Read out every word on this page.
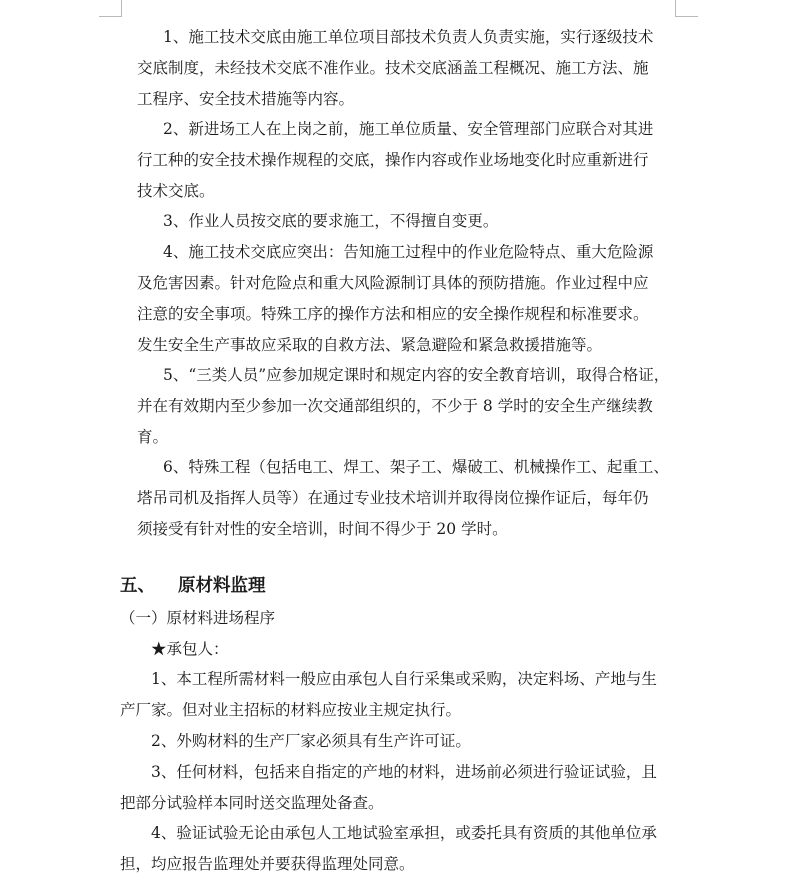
1、施工技术交底由施工单位项目部技术负责人负责实施，实行逐级技术
交底制度，未经技术交底不准作业。技术交底涵盖工程概况、施工方法、施
工程序、安全技术措施等内容。
2、新进场工人在上岗之前，施工单位质量、安全管理部门应联合对其进
行工种的安全技术操作规程的交底，操作内容或作业场地变化时应重新进行
技术交底。
3、作业人员按交底的要求施工，不得擅自变更。
4、施工技术交底应突出：告知施工过程中的作业危险特点、重大危险源
及危害因素。针对危险点和重大风险源制订具体的预防措施。作业过程中应
注意的安全事项。特殊工序的操作方法和相应的安全操作规程和标准要求。
发生安全生产事故应采取的自救方法、紧急避险和紧急救援措施等。
5、“三类人员”应参加规定课时和规定内容的安全教育培训，取得合格证，
并在有效期内至少参加一次交通部组织的，不少于 8 学时的安全生产继续教
育。
6、特殊工程（包括电工、焊工、架子工、爆破工、机械操作工、起重工、
塔吊司机及指挥人员等）在通过专业技术培训并取得岗位操作证后，每年仍
须接受有针对性的安全培训，时间不得少于 20 学时。
五、 原材料监理
（一）原材料进场程序
★承包人：
1、本工程所需材料一般应由承包人自行采集或采购，决定料场、产地与生
产厂家。但对业主招标的材料应按业主规定执行。
2、外购材料的生产厂家必须具有生产许可证。
3、任何材料，包括来自指定的产地的材料，进场前必须进行验证试验，且
把部分试验样本同时送交监理处备查。
4、验证试验无论由承包人工地试验室承担，或委托具有资质的其他单位承
担，均应报告监理处并要获得监理处同意。
